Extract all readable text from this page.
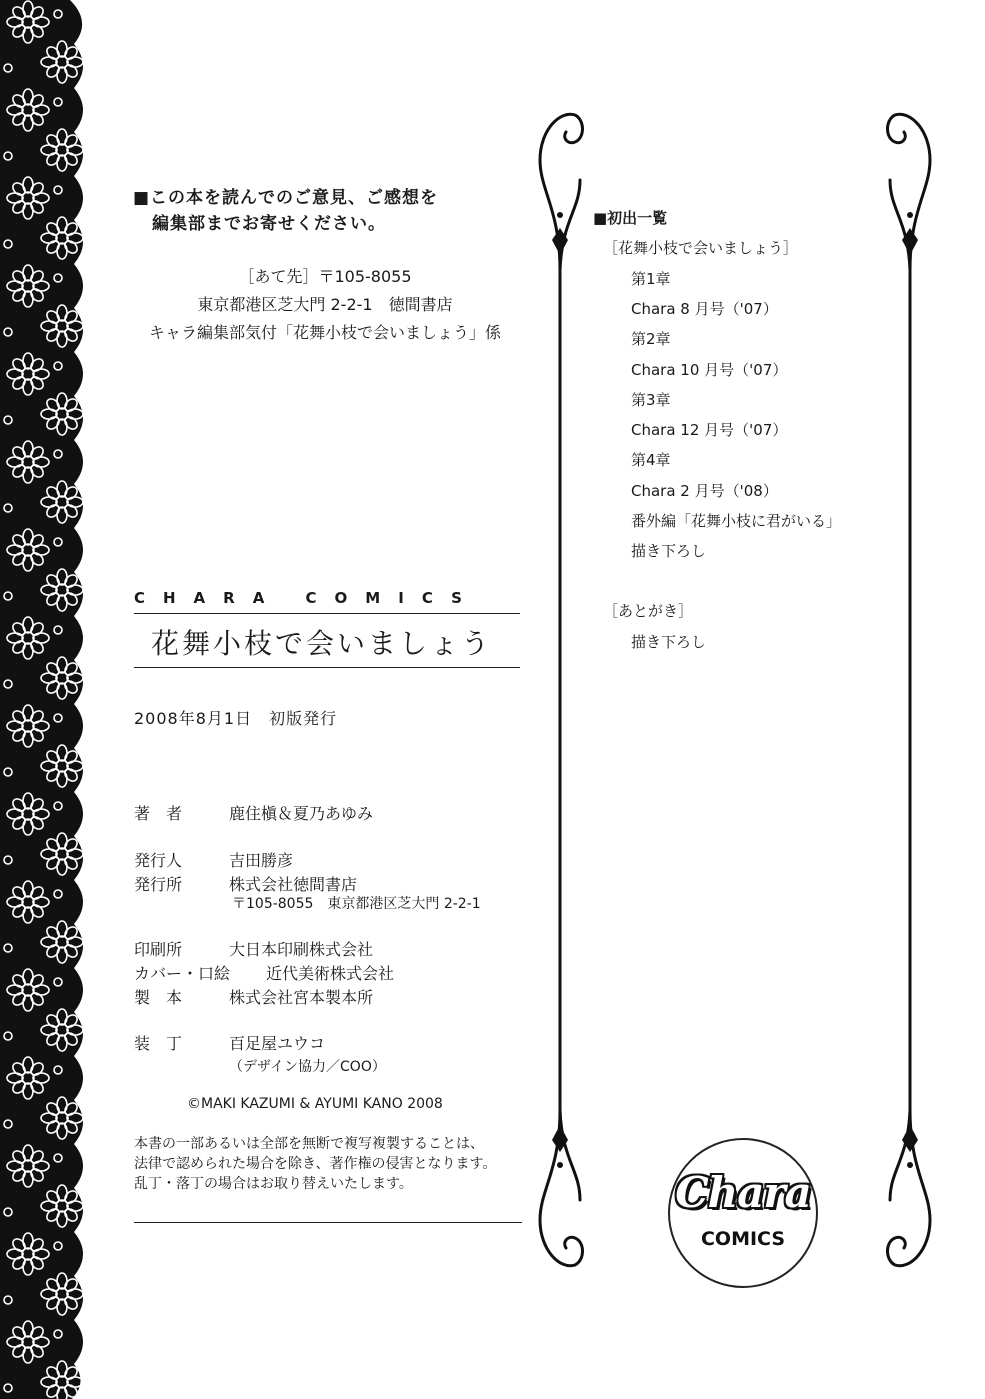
■この本を読んでのご意見、ご感想を
編集部までお寄せください。
［あて先］〒105-8055
東京都港区芝大門 2-2-1　徳間書店
キャラ編集部気付「花舞小枝で会いましょう」係
CHARA COMICS
花舞小枝で会いましょう
2008年8月1日　初版発行
著　者	鹿住槇＆夏乃あゆみ
発行人	吉田勝彦
発行所	株式会社徳間書店
〒105-8055　東京都港区芝大門 2-2-1
印刷所	大日本印刷株式会社
カバー・口絵	近代美術株式会社
製　本	株式会社宮本製本所
装　丁	百足屋ユウコ
（デザイン協力／COO）
©MAKI KAZUMI & AYUMI KANO 2008
本書の一部あるいは全部を無断で複写複製することは、
法律で認められた場合を除き、著作権の侵害となります。
乱丁・落丁の場合はお取り替えいたします。
■初出一覧
［花舞小枝で会いましょう］
第1章
Chara 8 月号（'07）
第2章
Chara 10 月号（'07）
第3章
Chara 12 月号（'07）
第4章
Chara 2 月号（'08）
番外編「花舞小枝に君がいる」
描き下ろし
［あとがき］
描き下ろし
Chara
COMICS
